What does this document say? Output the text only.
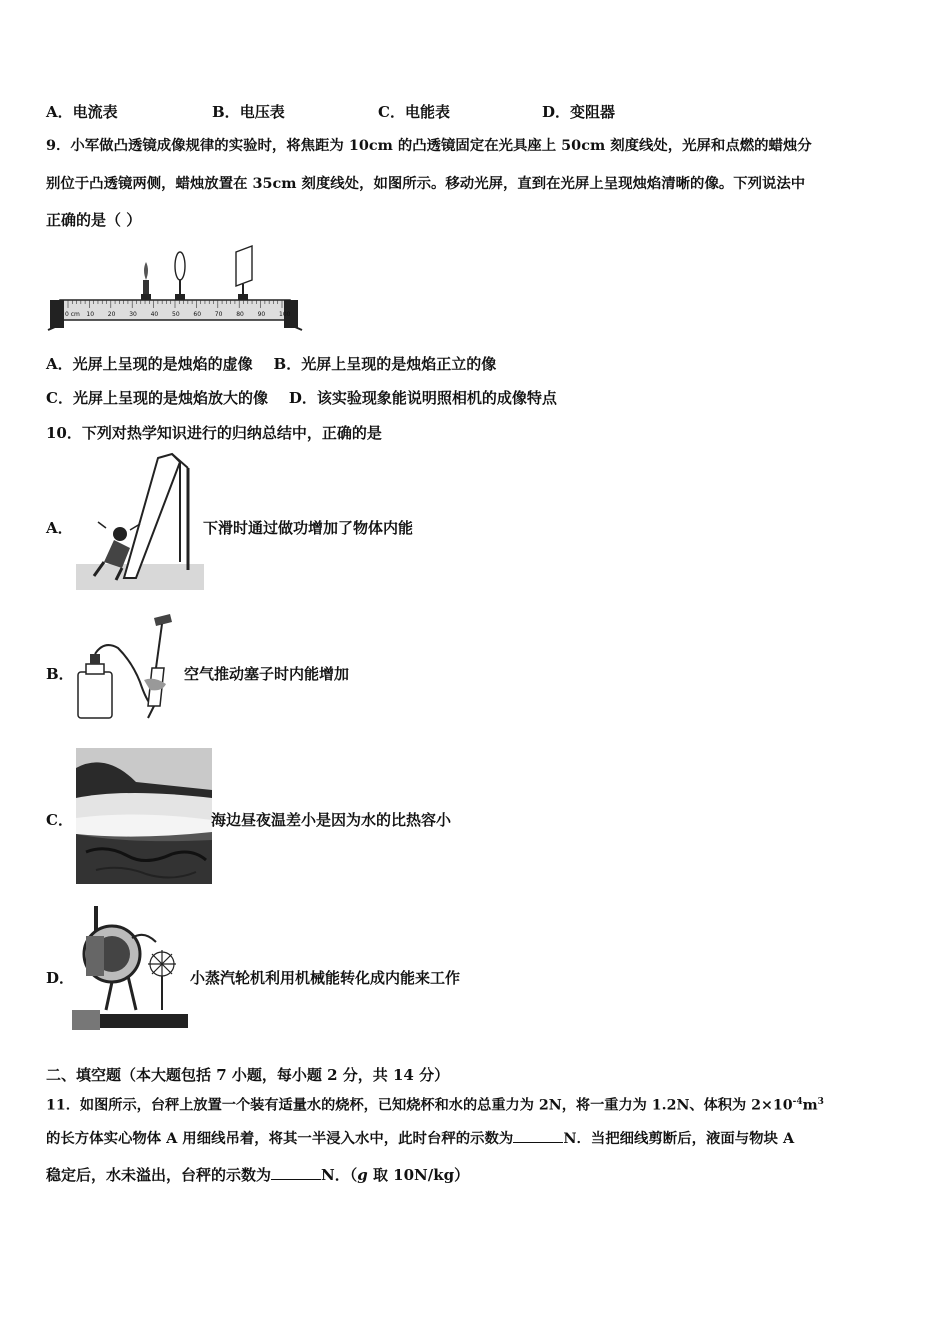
A．电流表	B．电压表	C．电能表	D．变阻器
9．小军做凸透镜成像规律的实验时，将焦距为 10cm 的凸透镜固定在光具座上 50cm 刻度线处，光屏和点燃的蜡烛分
别位于凸透镜两侧，蜡烛放置在 35cm 刻度线处，如图所示。移动光屏，直到在光屏上呈现烛焰清晰的像。下列说法中
正确的是（ ）
0 cm 10 20 30 40 50 60 70 80 90 100
A．光屏上呈现的是烛焰的虚像 B．光屏上呈现的是烛焰正立的像
C．光屏上呈现的是烛焰放大的像 D．该实验现象能说明照相机的成像特点
10．下列对热学知识进行的归纳总结中，正确的是
A．	下滑时通过做功增加了物体内能
B．	空气推动塞子时内能增加
C．	海边昼夜温差小是因为水的比热容小
D．	小蒸汽轮机利用机械能转化成内能来工作
二、填空题（本大题包括 7 小题，每小题 2 分，共 14 分）
11．如图所示，台秤上放置一个装有适量水的烧杯，已知烧杯和水的总重力为 2N，将一重力为 1.2N、体积为 $2\times 10^{-4}m^3$
的长方体实心物体 A 用细线吊着，将其一半浸入水中，此时台秤的示数为	N．当把细线剪断后，液面与物块 A
稳定后，水未溢出，台秤的示数为	N．（g 取 10N/kg）
